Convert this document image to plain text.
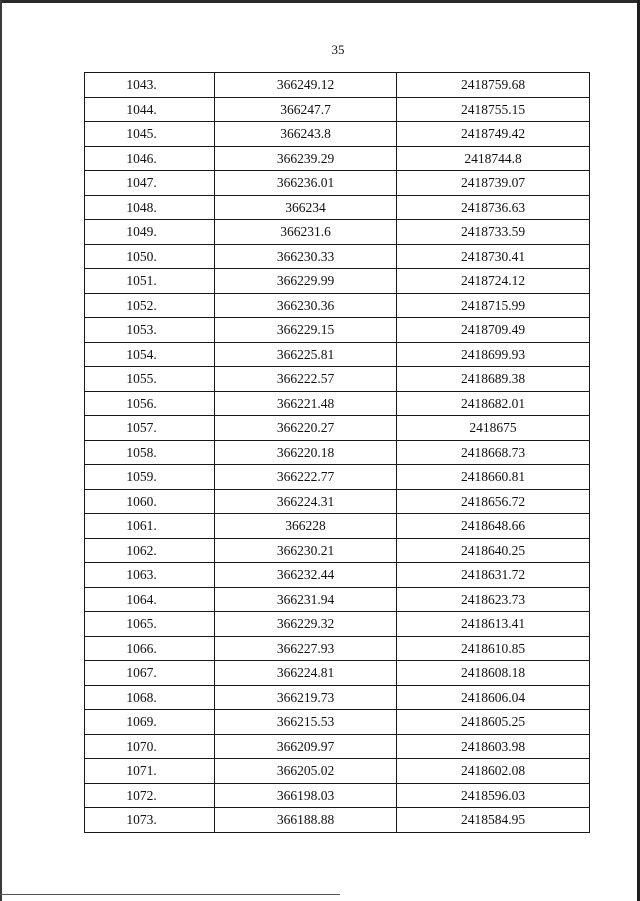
35
1043.	366249.12	2418759.68
1044.	366247.7	2418755.15
1045.	366243.8	2418749.42
1046.	366239.29	2418744.8
1047.	366236.01	2418739.07
1048.	366234	2418736.63
1049.	366231.6	2418733.59
1050.	366230.33	2418730.41
1051.	366229.99	2418724.12
1052.	366230.36	2418715.99
1053.	366229.15	2418709.49
1054.	366225.81	2418699.93
1055.	366222.57	2418689.38
1056.	366221.48	2418682.01
1057.	366220.27	2418675
1058.	366220.18	2418668.73
1059.	366222.77	2418660.81
1060.	366224.31	2418656.72
1061.	366228	2418648.66
1062.	366230.21	2418640.25
1063.	366232.44	2418631.72
1064.	366231.94	2418623.73
1065.	366229.32	2418613.41
1066.	366227.93	2418610.85
1067.	366224.81	2418608.18
1068.	366219.73	2418606.04
1069.	366215.53	2418605.25
1070.	366209.97	2418603.98
1071.	366205.02	2418602.08
1072.	366198.03	2418596.03
1073.	366188.88	2418584.95
